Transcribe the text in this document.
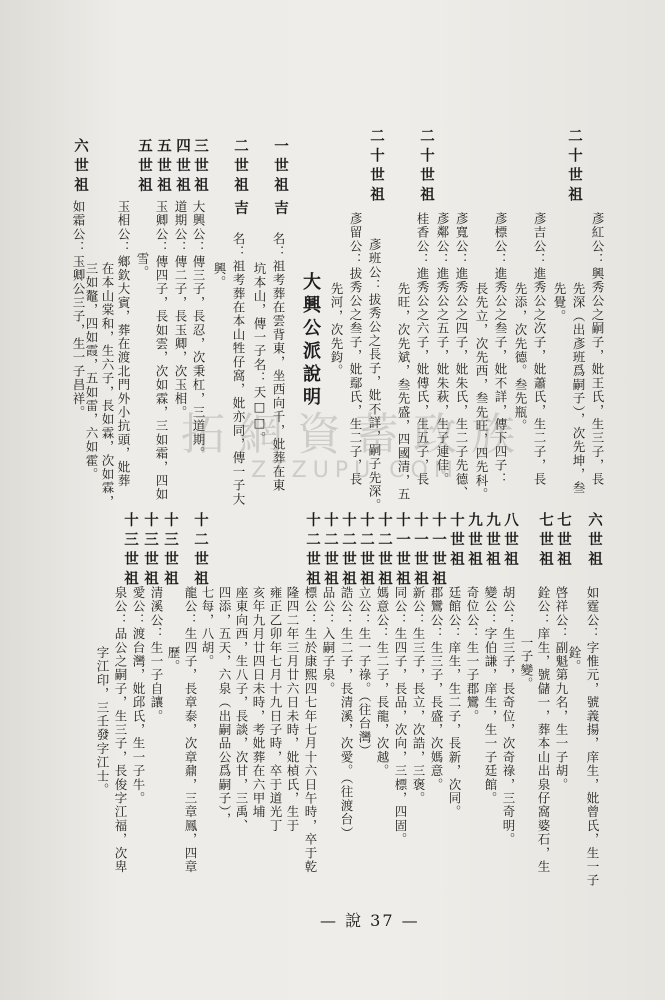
二十世祖
彥紅公：興秀公之嗣子，妣王氏，生三子，長
先深（出彥班爲嗣子），次先坤，叁
先覺。
彥吉公：進秀公之次子，妣蕭氏，生二子，長
先添，次先德。叁先瓶。
彥標公：進秀公之叁子，妣不詳，傳下四子：
長先立，次先西，叁先旺，四先科。
二十世祖
彥寬公：進秀公之四子，妣朱氏，生二子先德、
彥鄰公：進秀公之五子，妣朱萩，生子連佳。
桂香公：進秀公之六子，妣傅氏，生五子，長
先旺，次先斌，叁先盛，四國清，五
二十世祖
彥班公：拔秀公之長子，妣不詳，嗣子先深。
彥留公：拔秀公之叁子，妣鄢氏，生二子，長
先河，次先鈞。
大興公派說明
一世祖
吉
名：祖考葬在雲背東，坐西向千，妣葬在東
坑本山，傳一子名：天□□。
二世祖
吉
名：祖考葬在本山牲仔窩，妣亦同，傳一子大
興。
三世祖
大興公：傳三子，長忍，次秉杠，三道期。
四世祖
道期公：傳二子，長玉卿，次玉相。
五世祖
玉卿公：傳四子，長如雲，次如霖，三如霜，四如
雪。
五世祖
玉相公：鄉欽大賓，葬在渡北門外小抗頭，妣葬
在本山棠和，生六子，長如霖，次如霖，
三如鼇，四如霞，五如雷，六如霍。
六世祖
如霜公：玉卿公三子，生一子昌祥。
六世祖
如霆公：字惟元，號義揚，庠生，妣曾氏，生一子
銓。
七世祖
啓祥公：副魁第九名，生一子胡。
七世祖
銓公：庠生，號儲一，葬本山出泉仔窩婆石，生
一子變。
八世祖
胡公：生三子，長奇位，次奇祿，三奇明。
九世祖
變公：字伯謙，庠生，生一子廷館。
九世祖
奇位公：生一子郡鸞。
十世祖
廷館公：庠生，生二子，長新，次同。
十一世祖
郡鸞公：生三子，長盛，次媽意。
十一世祖
新公：生三子，長立，次誥，三褒。
十一世祖
同公：生四子，長品，次向，三標，四固。
十二世祖
媽意公：生二子，長龍，次越。
十二世祖
立公：生一子祿。（往台灣）
十二世祖
誥公：生二子，長清溪，次愛。（往渡台）
十二世祖
品公：入嗣子泉。
十二世祖
標公：生於康熙四七年七月十六日午時，卒于乾
隆四二年三月廿六日未時，妣楨氏，生于
雍正乙卯年七月十九日子時，卒于道光丁
亥年九月廿四日未時，考妣葬在六甲埔
座東向西，生八子，長談，次甘，三禹、
四添，五天，六泉（出嗣品公爲嗣子），
七每，八胡。
十二世祖
龍公：生四子，長章泰，次章鼐，三章鳳，四章
歷。
十三世祖
清溪公：生一子自讓。
十三世祖
愛公：渡台灣，妣邱氏，生一子牛。
十三世祖
泉公：品公之嗣子，生三子，長俊字江福，次卑
字江印，三壬發字江士。
拓網資蓄政族
ZTZUPU.COM
— 說 37 —
